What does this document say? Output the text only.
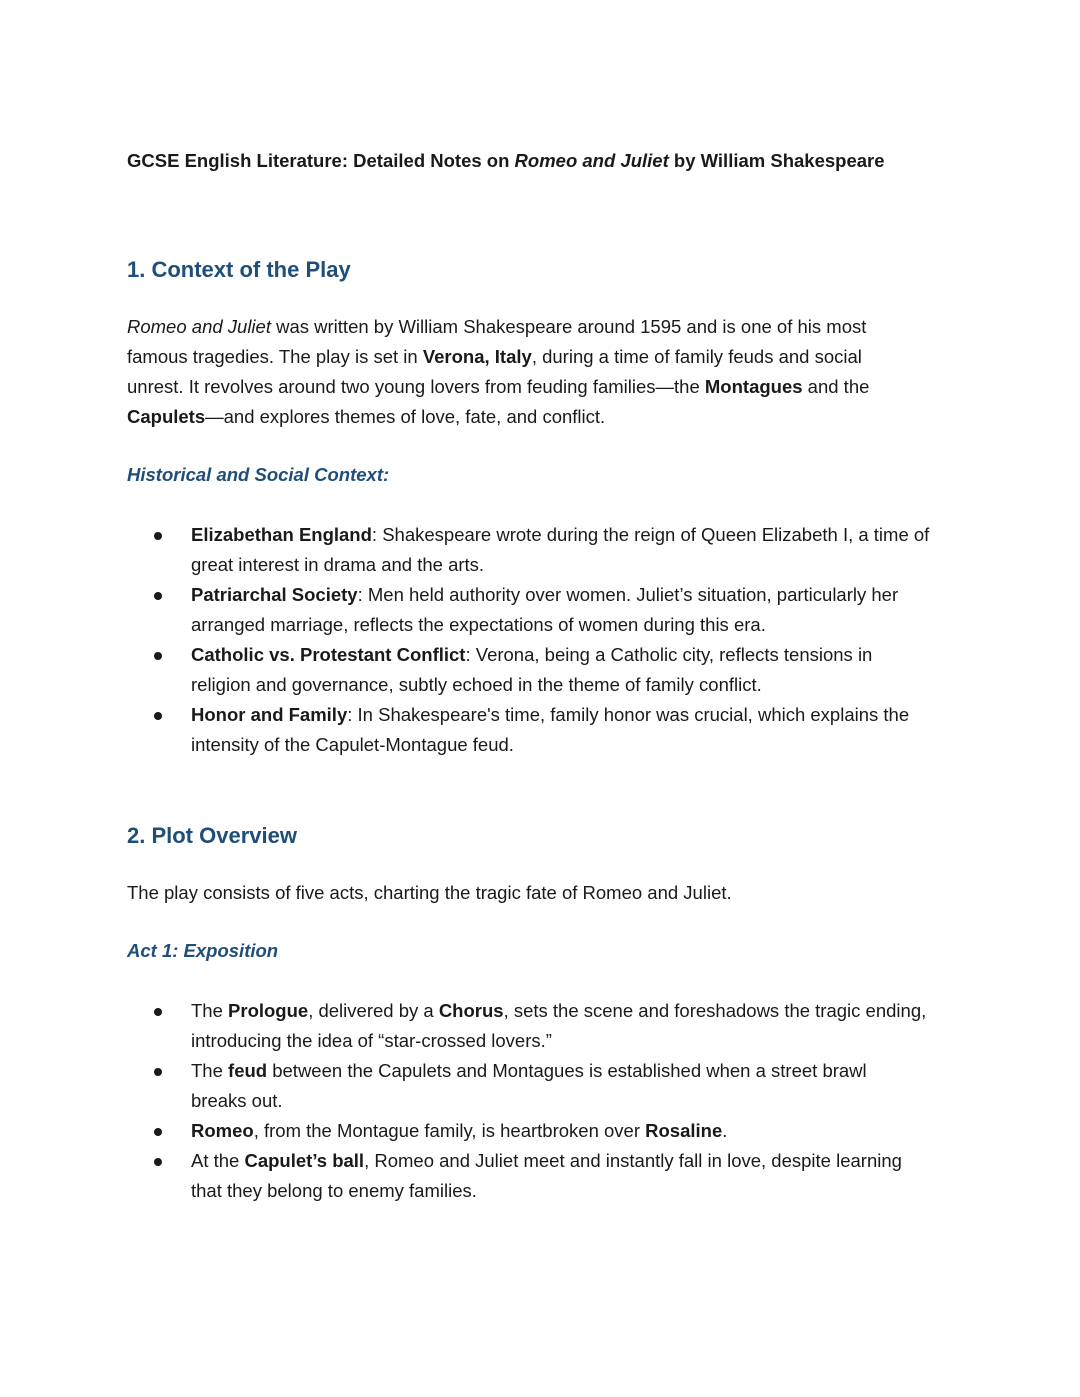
GCSE English Literature: Detailed Notes on Romeo and Juliet by William Shakespeare
1. Context of the Play

Romeo and Juliet was written by William Shakespeare around 1595 and is one of his most

famous tragedies. The play is set in Verona, Italy, during a time of family feuds and social

unrest. It revolves around two young lovers from feuding families—the Montagues and the

Capulets—and explores themes of love, fate, and conflict.

Historical and Social Context:
Elizabethan England: Shakespeare wrote during the reign of Queen Elizabeth I, a time of
great interest in drama and the arts.
Patriarchal Society: Men held authority over women. Juliet’s situation, particularly her
arranged marriage, reflects the expectations of women during this era.
Catholic vs. Protestant Conflict: Verona, being a Catholic city, reflects tensions in
religion and governance, subtly echoed in the theme of family conflict.
Honor and Family: In Shakespeare's time, family honor was crucial, which explains the
intensity of the Capulet-Montague feud.
2. Plot Overview

The play consists of five acts, charting the tragic fate of Romeo and Juliet.

Act 1: Exposition
The Prologue, delivered by a Chorus, sets the scene and foreshadows the tragic ending,
introducing the idea of “star-crossed lovers.”
The feud between the Capulets and Montagues is established when a street brawl
breaks out.
Romeo, from the Montague family, is heartbroken over Rosaline.
At the Capulet’s ball, Romeo and Juliet meet and instantly fall in love, despite learning
that they belong to enemy families.
